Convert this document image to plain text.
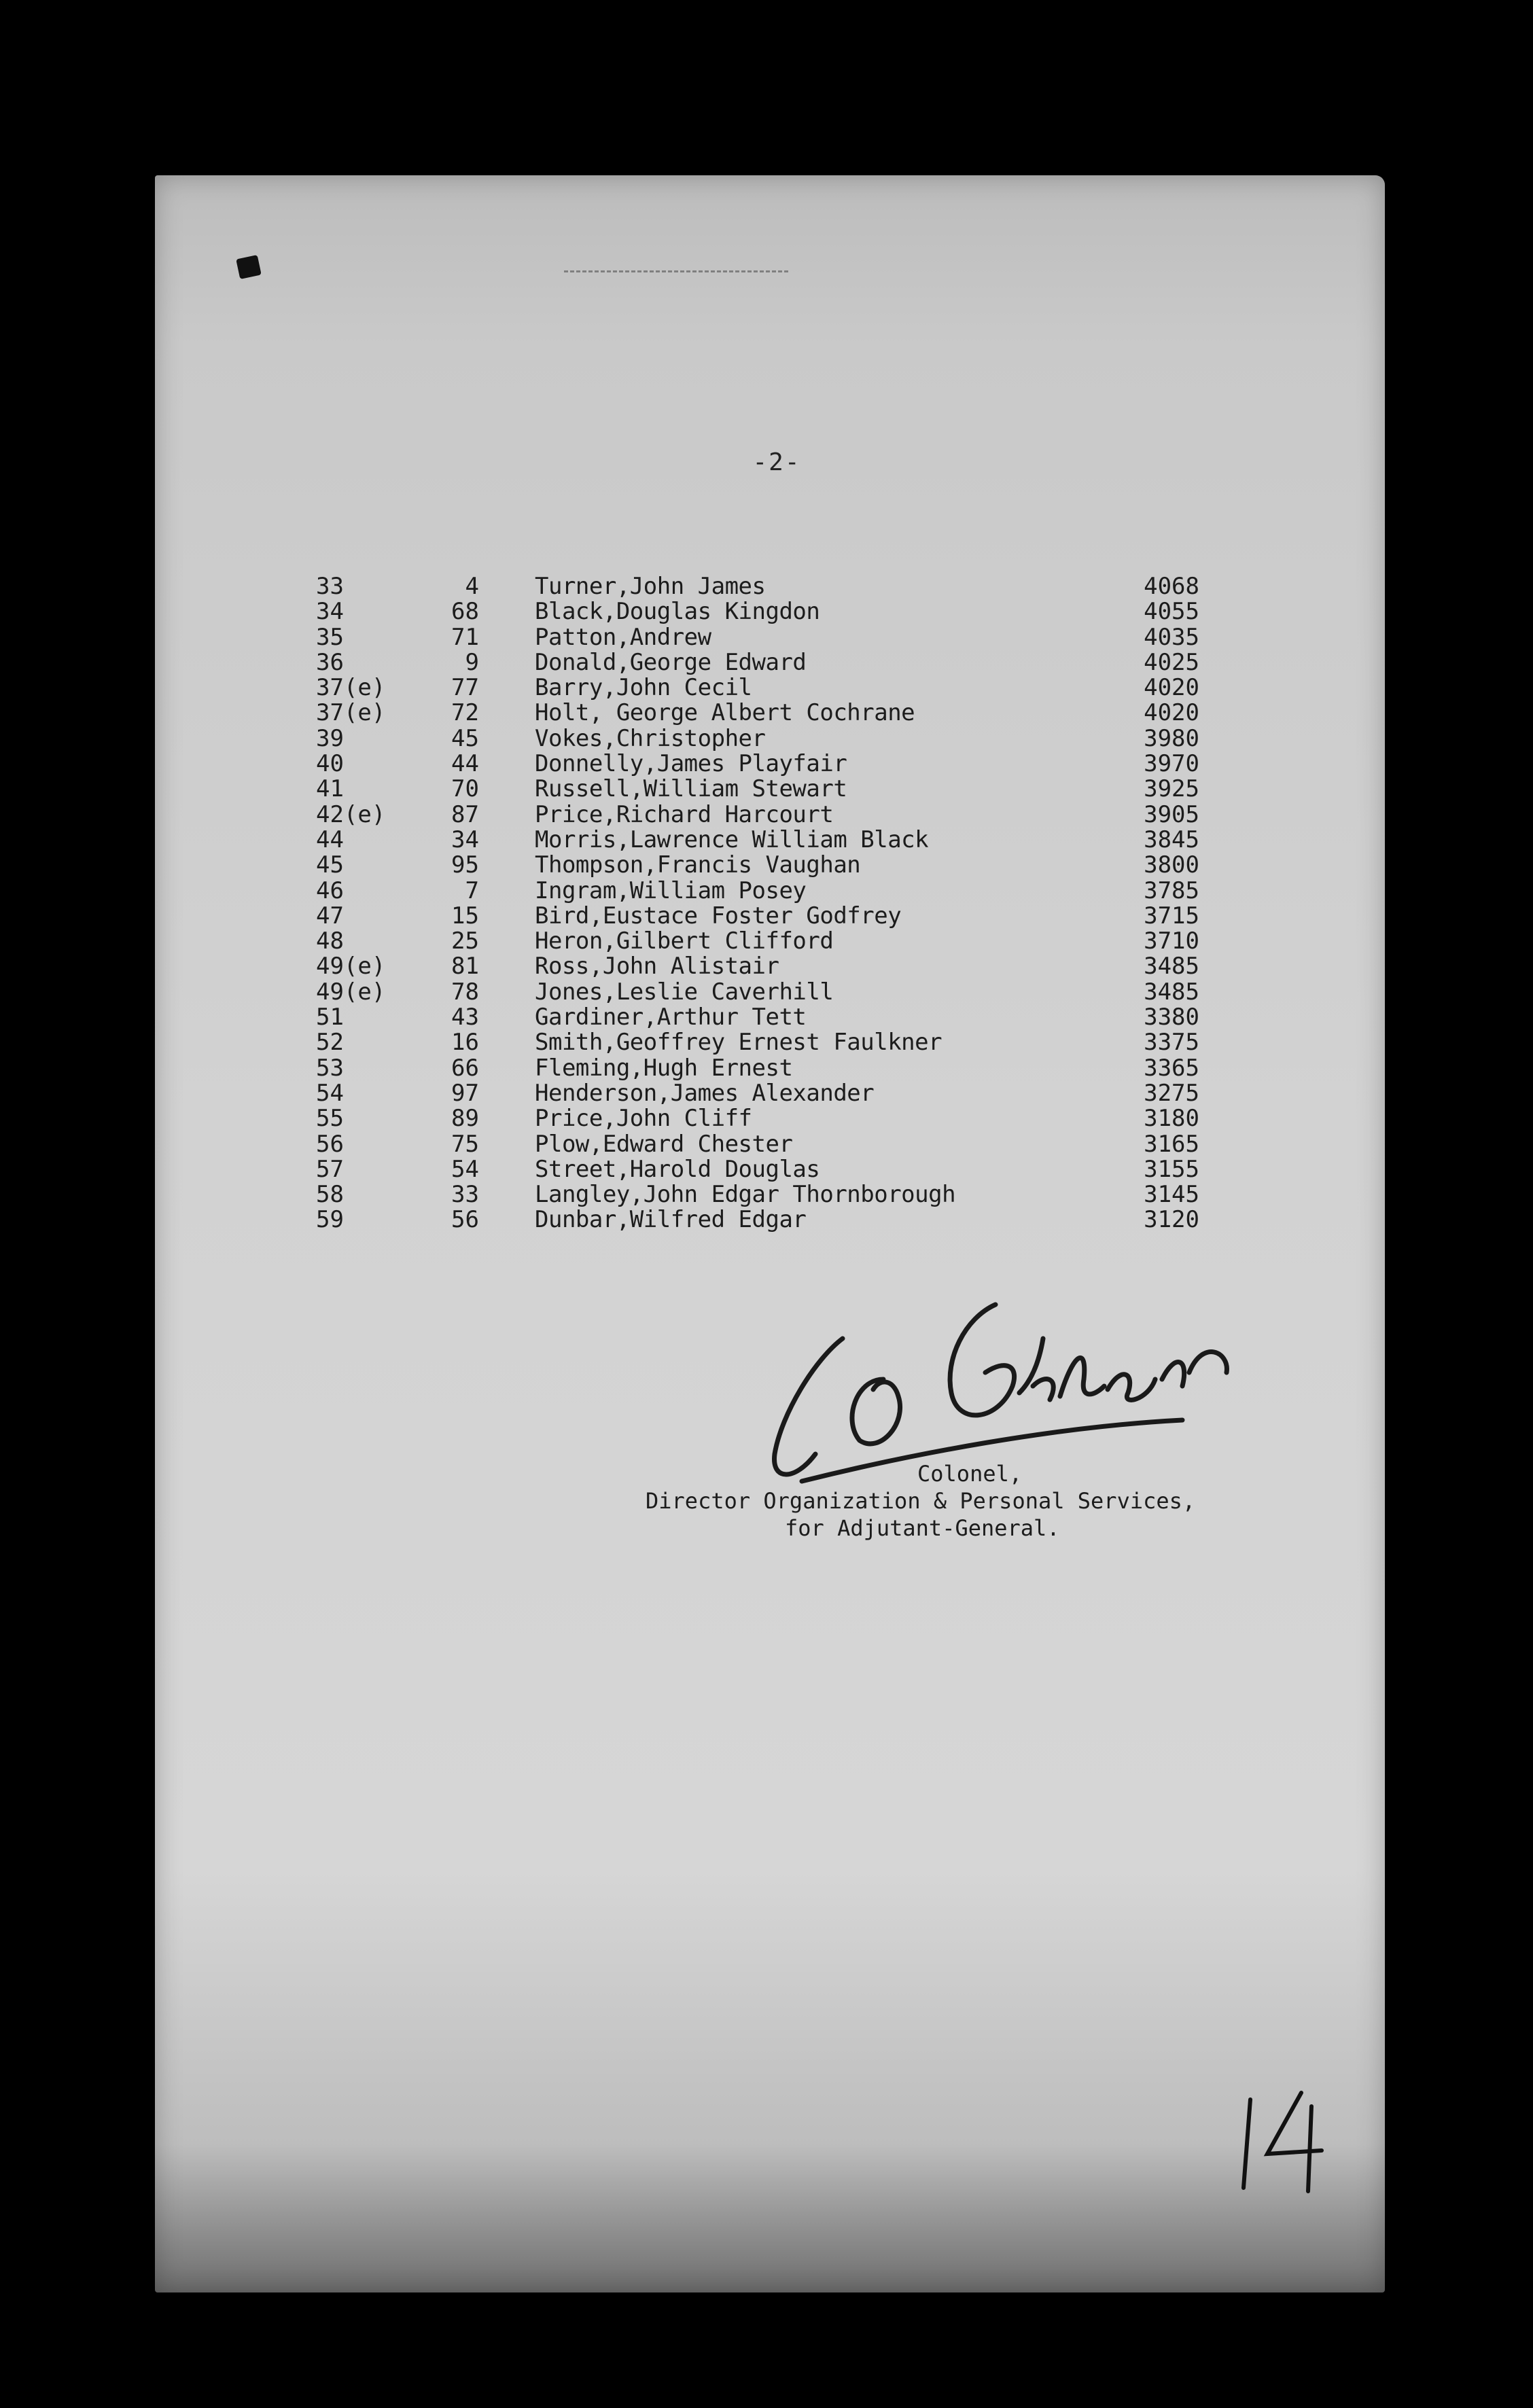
-2-
33	4 Turner,John James	4068
34	68 Black,Douglas Kingdon	4055
35	71 Patton,Andrew	4035
36	9 Donald,George Edward	4025
37(e)	77 Barry,John Cecil	4020
37(e)	72 Holt, George Albert Cochrane	4020
39	45 Vokes,Christopher	3980
40	44 Donnelly,James Playfair	3970
41	70 Russell,William Stewart	3925
42(e)	87 Price,Richard Harcourt	3905
44	34 Morris,Lawrence William Black	3845
45	95 Thompson,Francis Vaughan	3800
46	7 Ingram,William Posey	3785
47	15 Bird,Eustace Foster Godfrey	3715
48	25 Heron,Gilbert Clifford	3710
49(e)	81 Ross,John Alistair	3485
49(e)	78 Jones,Leslie Caverhill	3485
51	43 Gardiner,Arthur Tett	3380
52	16 Smith,Geoffrey Ernest Faulkner	3375
53	66 Fleming,Hugh Ernest	3365
54	97 Henderson,James Alexander	3275
55	89 Price,John Cliff	3180
56	75 Plow,Edward Chester	3165
57	54 Street,Harold Douglas	3155
58	33 Langley,John Edgar Thornborough	3145
59	56 Dunbar,Wilfred Edgar	3120
Colonel,
Director Organization & Personal Services,
for Adjutant-General.
